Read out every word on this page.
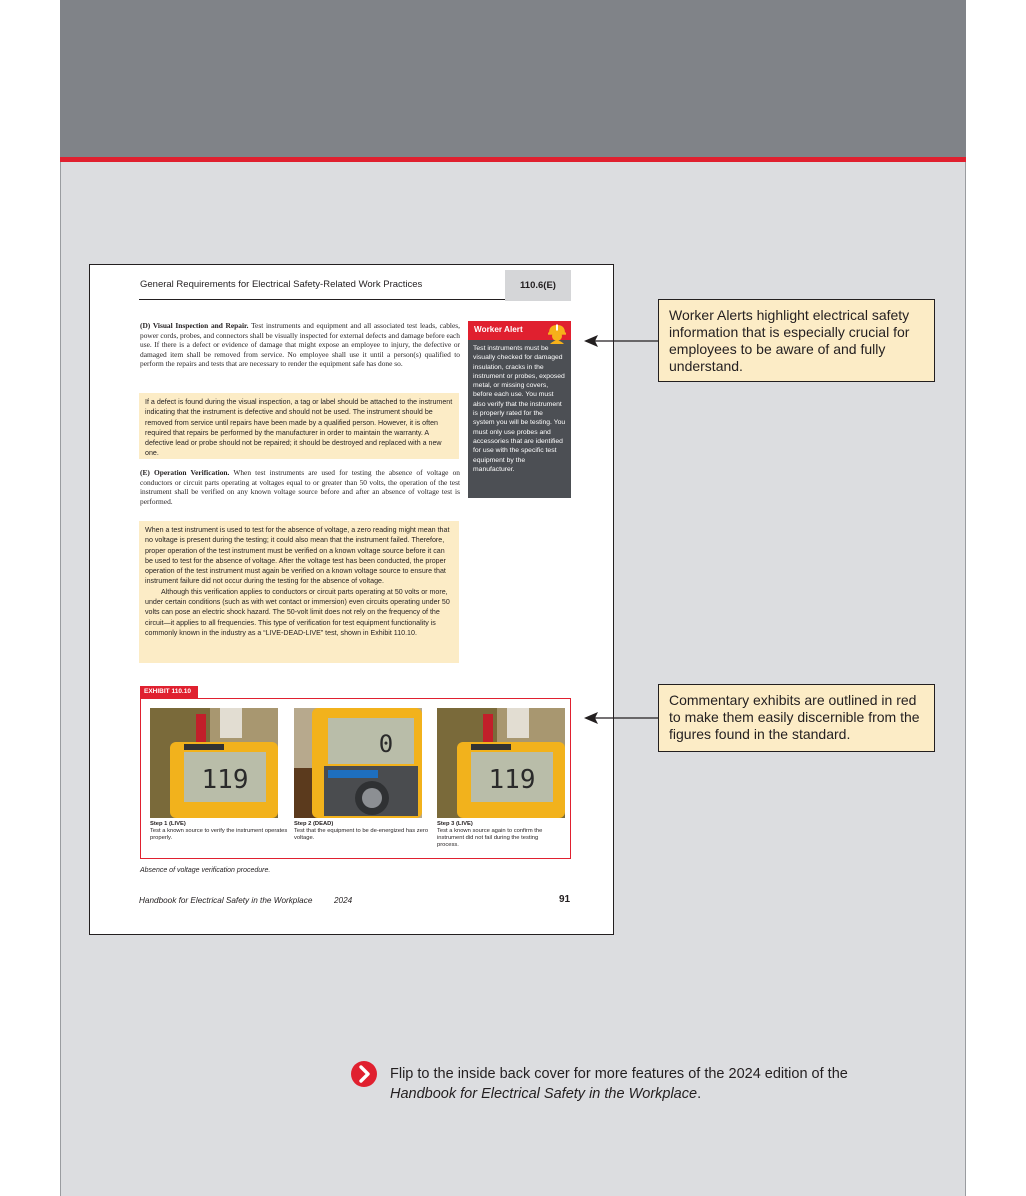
General Requirements for Electrical Safety-Related Work Practices	110.6(E)
(D) Visual Inspection and Repair. Test instruments and equipment and all associated test leads, cables, power cords, probes, and connectors shall be visually inspected for external defects and damage before each use. If there is a defect or evidence of damage that might expose an employee to injury, the defective or damaged item shall be removed from service. No employee shall use it until a person(s) qualified to perform the repairs and tests that are necessary to render the equipment safe has done so.

If a defect is found during the visual inspection, a tag or label should be attached to the instrument indicating that the instrument is defective and should not be used. The instrument should be removed from service until repairs have been made by a qualified person. However, it is often required that repairs be performed by the manufacturer in order to maintain the warranty. A defective lead or probe should not be repaired; it should be destroyed and replaced with a new one.

(E) Operation Verification. When test instruments are used for testing the absence of voltage on conductors or circuit parts operating at voltages equal to or greater than 50 volts, the operation of the test instrument shall be verified on any known voltage source before and after an absence of voltage test is performed.

When a test instrument is used to test for the absence of voltage, a zero reading might mean that no voltage is present during the testing; it could also mean that the instrument failed. Therefore, proper operation of the test instrument must be verified on a known voltage source before it can be used to test for the absence of voltage. After the voltage test has been conducted, the proper operation of the test instrument must again be verified on a known voltage source to ensure that instrument failure did not occur during the testing for the absence of voltage.

Although this verification applies to conductors or circuit parts operating at 50 volts or more, under certain conditions (such as with wet contact or immersion) even circuits operating under 50 volts can pose an electric shock hazard. The 50-volt limit does not rely on the frequency of the circuit—it applies to all frequencies. This type of verification for test equipment functionality is commonly known in the industry as a “LIVE-DEAD-LIVE” test, shown in Exhibit 110.10.

Worker Alert
Test instruments must be visually checked for damaged insulation, cracks in the instrument or probes, exposed metal, or missing covers, before each use. You must also verify that the instrument is properly rated for the system you will be testing. You must only use probes and accessories that are identified for use with the specific test equipment by the manufacturer.
EXHIBIT 110.10
119
0
119
Step 1 (LIVE)
Test a known source to verify the instrument operates properly.
Step 2 (DEAD)
Test that the equipment to be de-energized has zero voltage.
Step 3 (LIVE)
Test a known source again to confirm the instrument did not fail during the testing process.
Absence of voltage verification procedure.
Handbook for Electrical Safety in the Workplace	2024	91
Worker Alerts highlight electrical safety information that is especially crucial for employees to be aware of and fully understand.
Commentary exhibits are outlined in red to make them easily discernible from the figures found in the standard.
Flip to the inside back cover for more features of the 2024 edition of the Handbook for Electrical Safety in the Workplace.
